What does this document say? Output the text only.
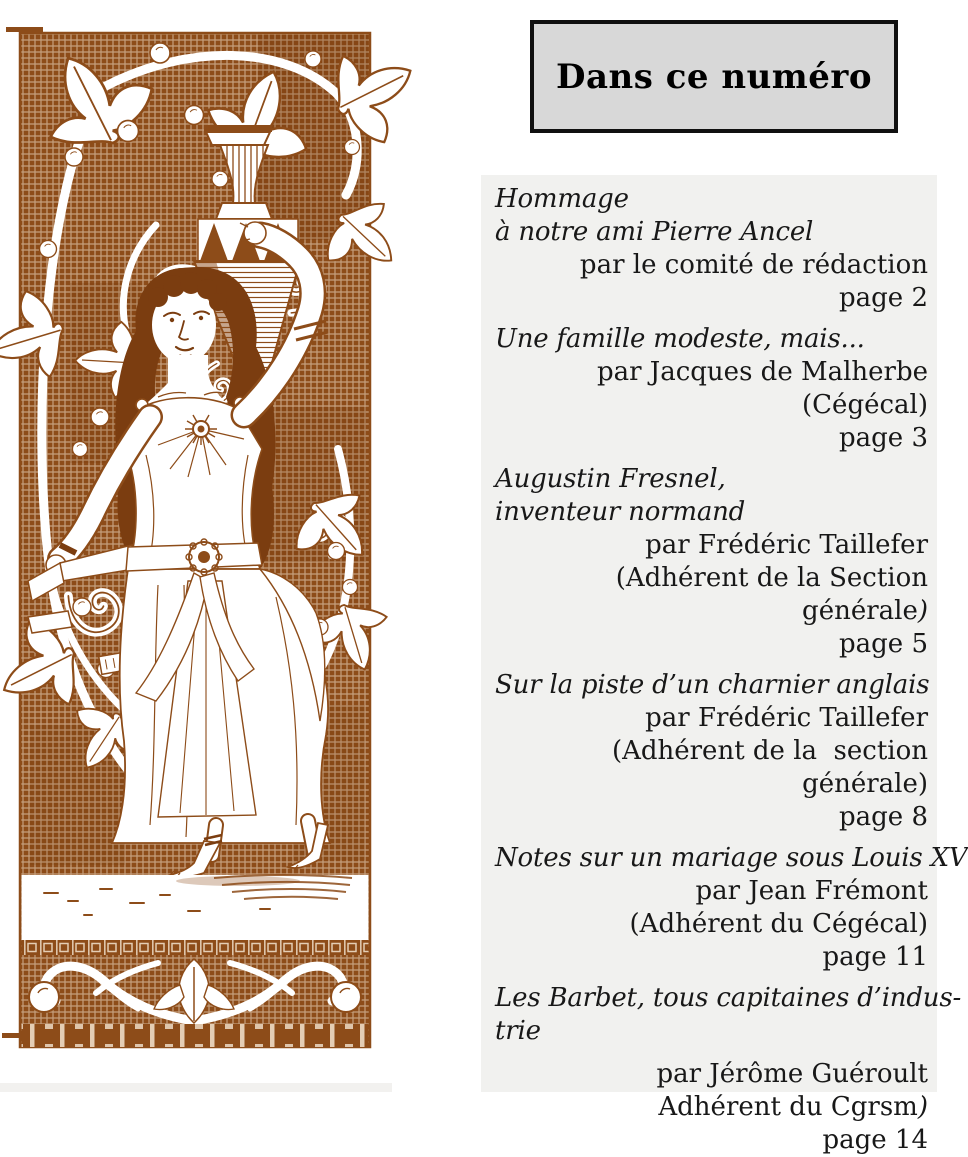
Dans ce numéro
Hommage
à notre ami Pierre Ancel
par le comité de rédaction
page 2
Une famille modeste, mais...
par Jacques de Malherbe
(Cégécal)
page 3
Augustin Fresnel,
inventeur normand
par Frédéric Taillefer
(Adhérent de la Section générale)
page 5
Sur la piste d’un charnier anglais
par Frédéric Taillefer
(Adhérent de la  section générale)
page 8
Notes sur un mariage sous Louis XV
par Jean Frémont
(Adhérent du Cégécal)
page 11
Les Barbet, tous capitaines d’indus-
trie
par Jérôme Guéroult
Adhérent du Cgrsm)
page 14
